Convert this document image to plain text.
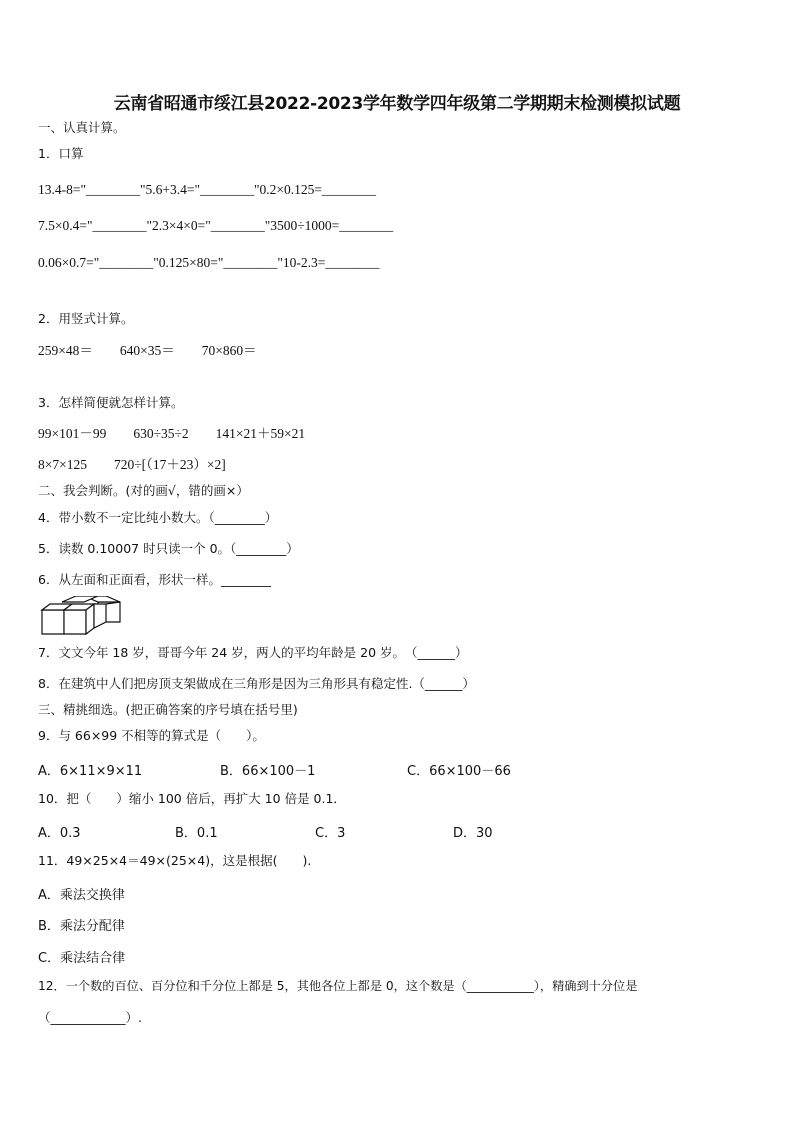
云南省昭通市绥江县2022-2023学年数学四年级第二学期期末检测模拟试题
一、认真计算。
1．口算
13.4-8="________"5.6+3.4="________"0.2×0.125=________
7.5×0.4="________"2.3×4×0="________"3500÷1000=________
0.06×0.7="________"0.125×80="________"10-2.3=________
2．用竖式计算。
259×48＝　　640×35＝　　70×860＝
3．怎样简便就怎样计算。
99×101－99　　630÷35÷2　　141×21＋59×21
8×7×125　　720÷[（17＋23）×2]
二、我会判断。(对的画√，错的画×）
4．带小数不一定比纯小数大。（________）
5．读数 0.10007 时只读一个 0。（________）
6．从左面和正面看，形状一样。________
7．文文今年 18 岁，哥哥今年 24 岁，两人的平均年龄是 20 岁。　（______）
8．在建筑中人们把房顶支架做成在三角形是因为三角形具有稳定性.（______）
三、精挑细选。(把正确答案的序号填在括号里)
9．与 66×99 不相等的算式是（　　）。
A．6×11×9×11	B．66×100－1	C．66×100－66
10．把（　　）缩小 100 倍后，再扩大 10 倍是 0.1．
A．0.3	B．0.1	C．3	D．30
11．49×25×4＝49×(25×4)，这是根据(　　).
A．乘法交换律
B．乘法分配律
C．乘法结合律
12．一个数的百位、百分位和千分位上都是 5，其他各位上都是 0，这个数是（___________），精确到十分位是
（____________）.
